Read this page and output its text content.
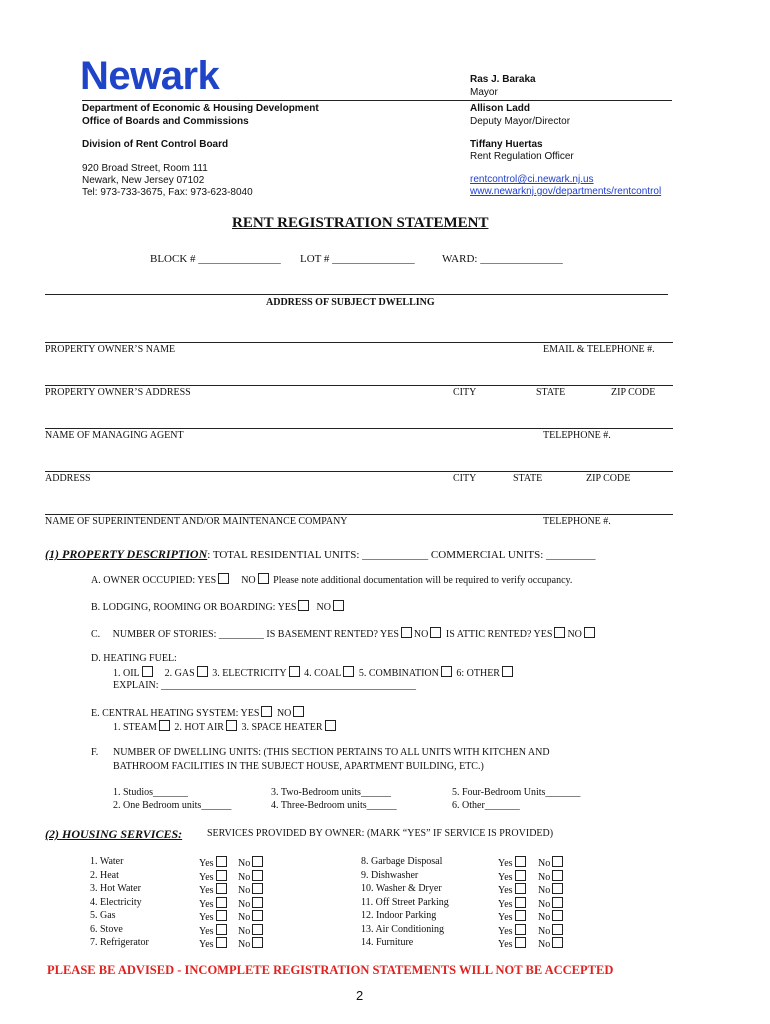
Newark
Department of Economic & Housing Development
Office of Boards and Commissions
Division of Rent Control Board
920 Broad Street, Room 111
Newark, New Jersey 07102
Tel: 973-733-3675, Fax: 973-623-8040
Ras J. Baraka
Mayor
Allison Ladd
Deputy Mayor/Director
Tiffany Huertas
Rent Regulation Officer
rentcontrol@ci.newark.nj.us
www.newarknj.gov/departments/rentcontrol
RENT REGISTRATION STATEMENT
BLOCK # _______________ LOT # _______________ WARD: _______________
ADDRESS OF SUBJECT DWELLING
PROPERTY OWNER’S NAME	EMAIL & TELEPHONE #.
PROPERTY OWNER’S ADDRESS	CITY	STATE	ZIP CODE
NAME OF MANAGING AGENT	TELEPHONE #.
ADDRESS	CITY	STATE	ZIP CODE
NAME OF SUPERINTENDENT AND/OR MAINTENANCE COMPANY	TELEPHONE #.
(1) PROPERTY DESCRIPTION: TOTAL RESIDENTIAL UNITS: ____________ COMMERCIAL UNITS: _________
A. OWNER OCCUPIED: YES	NO Please note additional documentation will be required to verify occupancy.
B. LODGING, ROOMING OR BOARDING: YES NO
C. NUMBER OF STORIES: _________ IS BASEMENT RENTED? YES NO IS ATTIC RENTED? YES NO
D. HEATING FUEL:
1. OIL	2. GAS 3. ELECTRICITY 4. COAL 5. COMBINATION 6: OTHER
EXPLAIN: ___________________________________________________
E. CENTRAL HEATING SYSTEM: YES NO
1. STEAM 2. HOT AIR 3. SPACE HEATER
F. NUMBER OF DWELLING UNITS: (THIS SECTION PERTAINS TO ALL UNITS WITH KITCHEN AND
BATHROOM FACILITIES IN THE SUBJECT HOUSE, APARTMENT BUILDING, ETC.)
1. Studios_______	3. Two-Bedroom units______	5. Four-Bedroom Units_______
2. One Bedroom units______	4. Three-Bedroom units______	6. Other_______
(2) HOUSING SERVICES: SERVICES PROVIDED BY OWNER: (MARK “YES” IF SERVICE IS PROVIDED)
PLEASE BE ADVISED - INCOMPLETE REGISTRATION STATEMENTS WILL NOT BE ACCEPTED
2
1. Water	Yes	No
2. Heat	Yes	No
3. Hot Water	Yes	No
4. Electricity	Yes	No
5. Gas	Yes	No
6. Stove	Yes	No
7. Refrigerator	Yes	No
8. Garbage Disposal	Yes	No
9. Dishwasher	Yes	No
10. Washer & Dryer	Yes	No
11. Off Street Parking	Yes	No
12. Indoor Parking	Yes	No
13. Air Conditioning	Yes	No
14. Furniture	Yes	No
